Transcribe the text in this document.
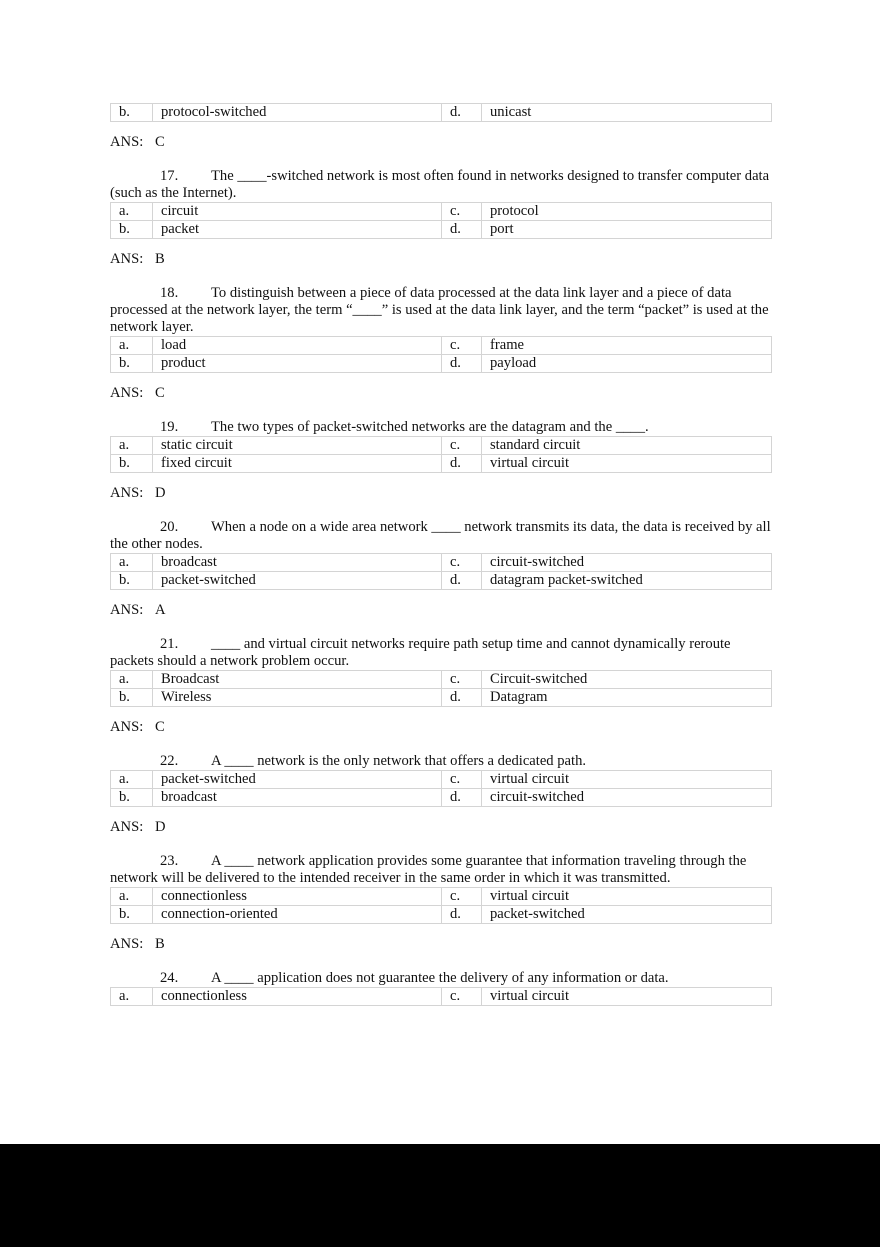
b.	protocol-switched	d.	unicast
ANS: C

17. The ____-switched network is most often found in networks designed to transfer computer data (such as the Internet).

a.	circuit	c.	protocol
b.	packet	d.	port
ANS: B

18. To distinguish between a piece of data processed at the data link layer and a piece of data processed at the network layer, the term “____” is used at the data link layer, and the term “packet” is used at the network layer.

a.	load	c.	frame
b.	product	d.	payload
ANS: C

19. The two types of packet-switched networks are the datagram and the ____.

a.	static circuit	c.	standard circuit
b.	fixed circuit	d.	virtual circuit
ANS: D

20. When a node on a wide area network ____ network transmits its data, the data is received by all the other nodes.

a.	broadcast	c.	circuit-switched
b.	packet-switched	d.	datagram packet-switched
ANS: A

21. ____ and virtual circuit networks require path setup time and cannot dynamically reroute packets should a network problem occur.

a.	Broadcast	c.	Circuit-switched
b.	Wireless	d.	Datagram
ANS: C

22. A ____ network is the only network that offers a dedicated path.

a.	packet-switched	c.	virtual circuit
b.	broadcast	d.	circuit-switched
ANS: D

23. A ____ network application provides some guarantee that information traveling through the network will be delivered to the intended receiver in the same order in which it was transmitted.

a.	connectionless	c.	virtual circuit
b.	connection-oriented	d.	packet-switched
ANS: B

24. A ____ application does not guarantee the delivery of any information or data.

a.	connectionless	c.	virtual circuit
